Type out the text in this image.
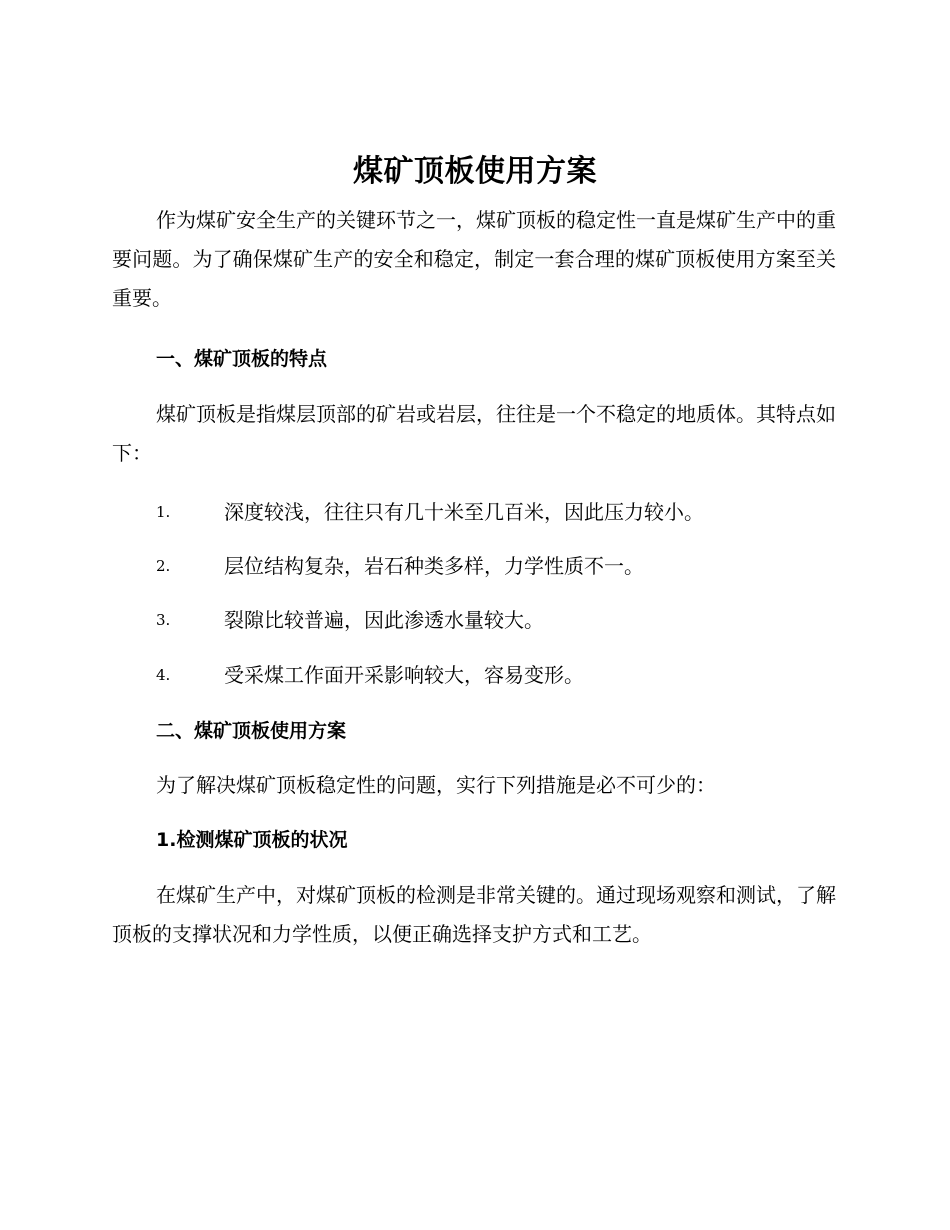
煤矿顶板使用方案
作为煤矿安全生产的关键环节之一，煤矿顶板的稳定性一直是煤矿生产中的重要问题。为了确保煤矿生产的安全和稳定，制定一套合理的煤矿顶板使用方案至关重要。
一、煤矿顶板的特点
煤矿顶板是指煤层顶部的矿岩或岩层，往往是一个不稳定的地质体。其特点如下：
1.	深度较浅，往往只有几十米至几百米，因此压力较小。
2.	层位结构复杂，岩石种类多样，力学性质不一。
3.	裂隙比较普遍，因此渗透水量较大。
4.	受采煤工作面开采影响较大，容易变形。
二、煤矿顶板使用方案
为了解决煤矿顶板稳定性的问题，实行下列措施是必不可少的：
1.检测煤矿顶板的状况
在煤矿生产中，对煤矿顶板的检测是非常关键的。通过现场观察和测试，了解顶板的支撑状况和力学性质，以便正确选择支护方式和工艺。
